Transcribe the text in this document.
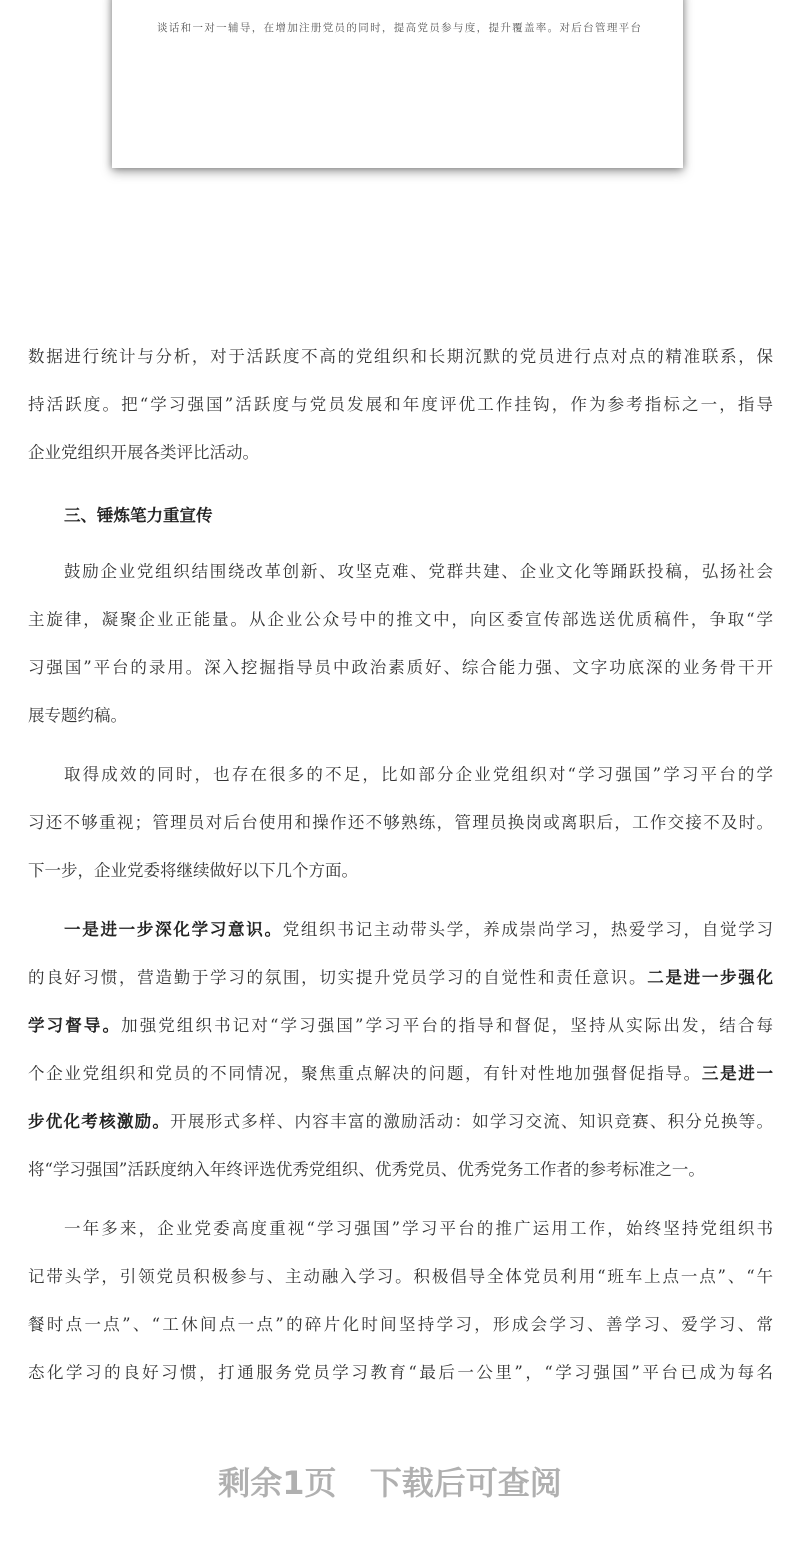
谈话和一对一辅导，在增加注册党员的同时，提高党员参与度，提升覆盖率。对后台管理平台
数据进行统计与分析，对于活跃度不高的党组织和长期沉默的党员进行点对点的精准联系，保
持活跃度。把“学习强国”活跃度与党员发展和年度评优工作挂钩，作为参考指标之一，指导
企业党组织开展各类评比活动。
鼓励企业党组织结围绕改革创新、攻坚克难、党群共建、企业文化等踊跃投稿，弘扬社会
主旋律，凝聚企业正能量。从企业公众号中的推文中，向区委宣传部选送优质稿件，争取“学
习强国”平台的录用。深入挖掘指导员中政治素质好、综合能力强、文字功底深的业务骨干开
展专题约稿。
取得成效的同时，也存在很多的不足，比如部分企业党组织对“学习强国”学习平台的学
习还不够重视；管理员对后台使用和操作还不够熟练，管理员换岗或离职后，工作交接不及时。
下一步，企业党委将继续做好以下几个方面。
一是进一步深化学习意识。党组织书记主动带头学，养成崇尚学习，热爱学习，自觉学习
的良好习惯，营造勤于学习的氛围，切实提升党员学习的自觉性和责任意识。二是进一步强化
学习督导。加强党组织书记对“学习强国”学习平台的指导和督促，坚持从实际出发，结合每
个企业党组织和党员的不同情况，聚焦重点解决的问题，有针对性地加强督促指导。三是进一
步优化考核激励。开展形式多样、内容丰富的激励活动：如学习交流、知识竞赛、积分兑换等。
将“学习强国”活跃度纳入年终评选优秀党组织、优秀党员、优秀党务工作者的参考标准之一。
一年多来，企业党委高度重视“学习强国”学习平台的推广运用工作，始终坚持党组织书
记带头学，引领党员积极参与、主动融入学习。积极倡导全体党员利用“班车上点一点”、“午
餐时点一点”、“工休间点一点”的碎片化时间坚持学习，形成会学习、善学习、爱学习、常
态化学习的良好习惯，打通服务党员学习教育“最后一公里”，“学习强国”平台已成为每名
三、锤炼笔力重宣传
剩余1页 下载后可查阅
